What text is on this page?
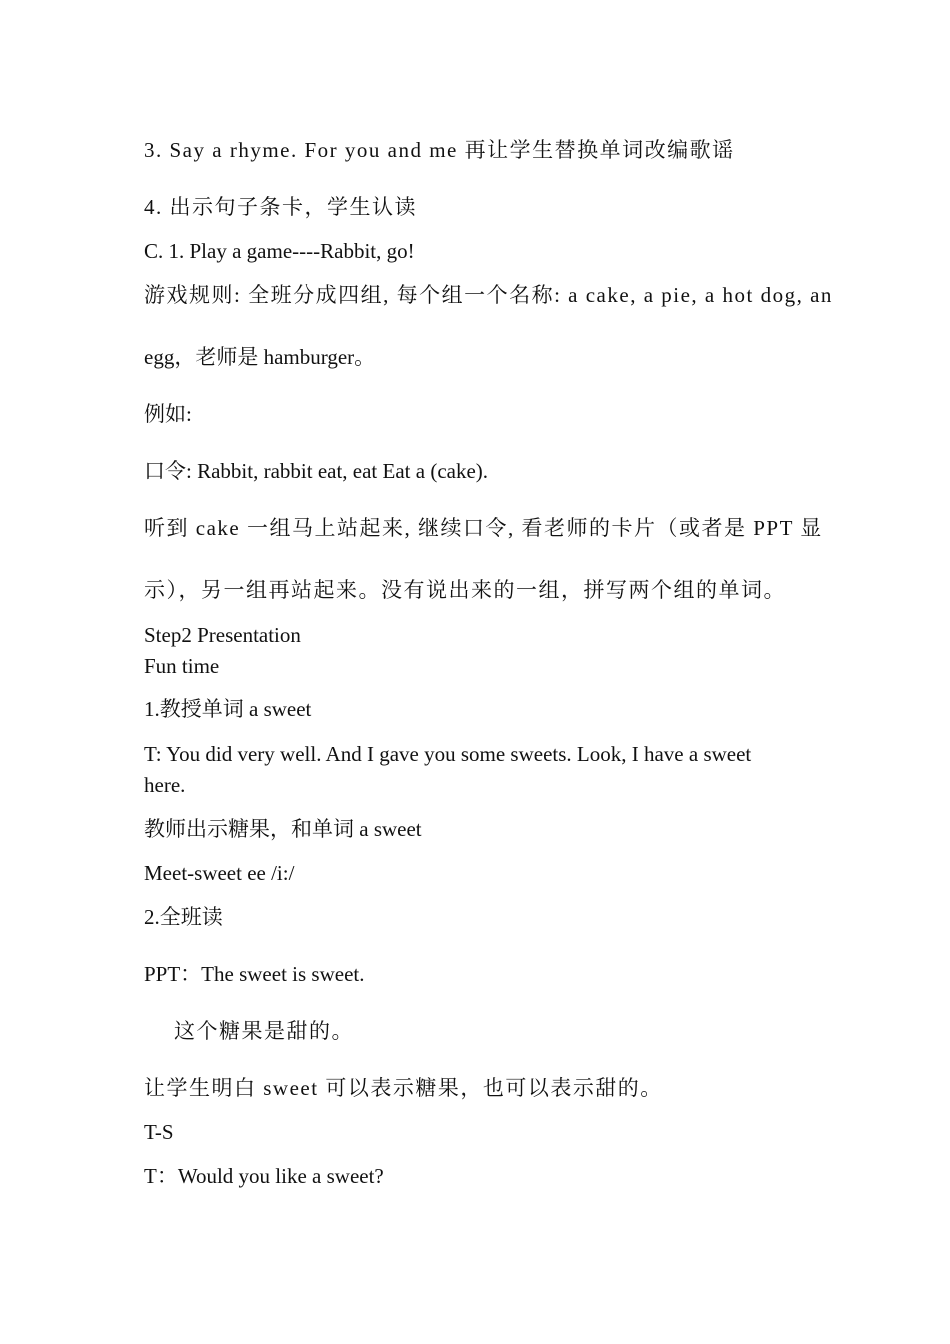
3. Say a rhyme. For you and me 再让学生替换单词改编歌谣
4. 出示句子条卡，学生认读
C. 1. Play a game----Rabbit, go!
游戏规则: 全班分成四组, 每个组一个名称: a cake, a pie, a hot dog, an
egg，老师是 hamburger。
例如:
口令: Rabbit, rabbit eat, eat Eat a (cake).
听到 cake 一组马上站起来, 继续口令, 看老师的卡片（或者是 PPT 显
示），另一组再站起来。没有说出来的一组，拼写两个组的单词。
Step2 Presentation
Fun time
1.教授单词 a sweet
T: You did very well. And I gave you some sweets. Look, I have a sweet
here.
教师出示糖果，和单词 a sweet
Meet-sweet ee /i:/
2.全班读
PPT：The sweet is sweet.
这个糖果是甜的。
让学生明白 sweet 可以表示糖果，也可以表示甜的。
T-S
T：Would you like a sweet?
